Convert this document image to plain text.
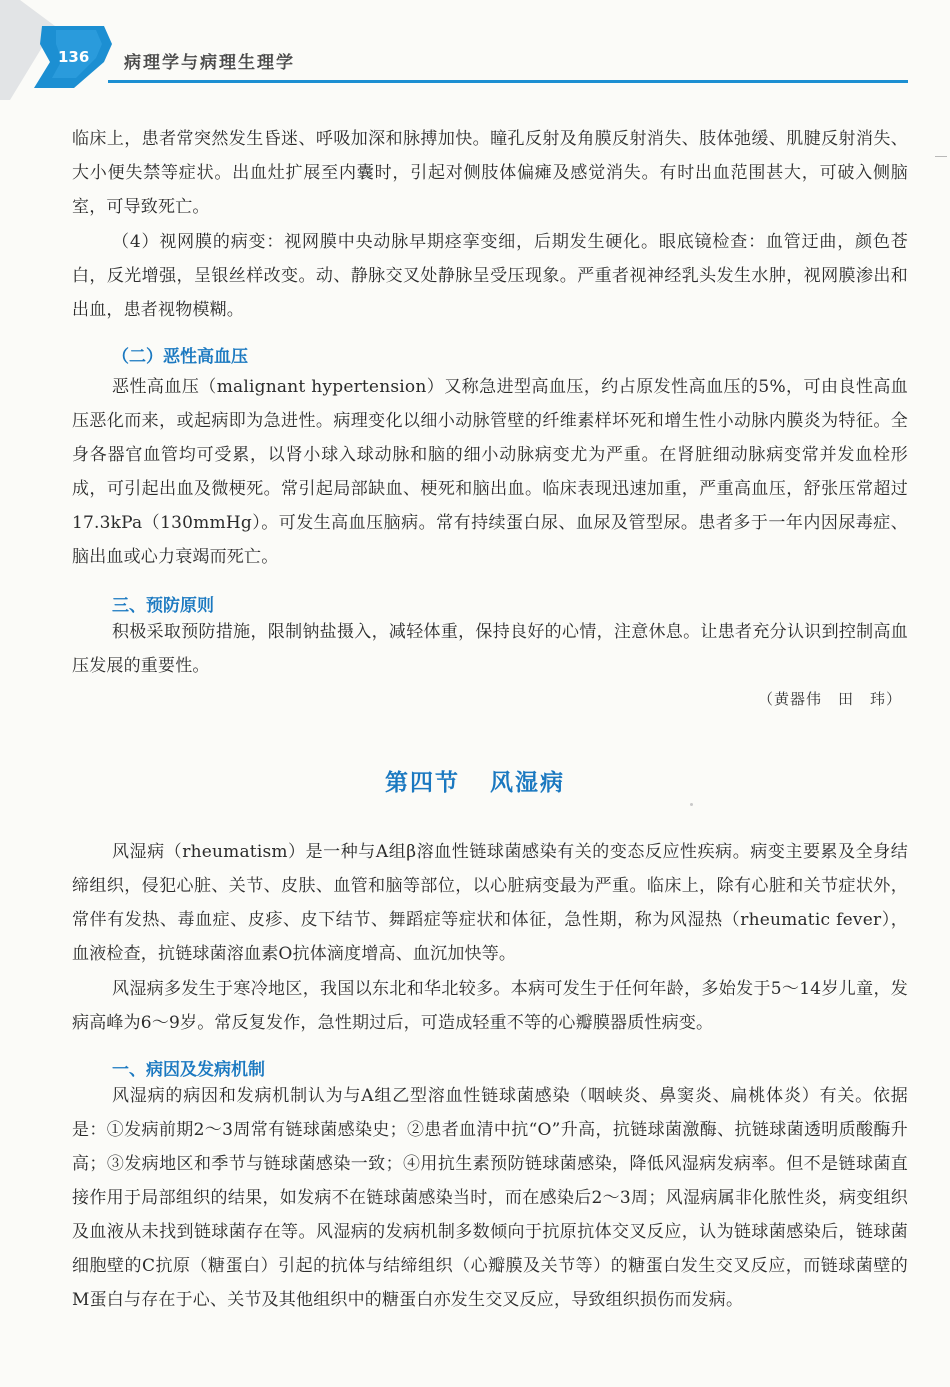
136 病理学与病理生理学

临床上，患者常突然发生昏迷、呼吸加深和脉搏加快。瞳孔反射及角膜反射消失、肢体弛缓、肌腱反射消失、大小便失禁等症状。出血灶扩展至内囊时，引起对侧肢体偏瘫及感觉消失。有时出血范围甚大，可破入侧脑室，可导致死亡。

（4）视网膜的病变：视网膜中央动脉早期痉挛变细，后期发生硬化。眼底镜检查：血管迂曲，颜色苍白，反光增强，呈银丝样改变。动、静脉交叉处静脉呈受压现象。严重者视神经乳头发生水肿，视网膜渗出和出血，患者视物模糊。

（二）恶性高血压

恶性高血压（malignant hypertension）又称急进型高血压，约占原发性高血压的5%，可由良性高血压恶化而来，或起病即为急进性。病理变化以细小动脉管壁的纤维素样坏死和增生性小动脉内膜炎为特征。全身各器官血管均可受累，以肾小球入球动脉和脑的细小动脉病变尤为严重。在肾脏细动脉病变常并发血栓形成，可引起出血及微梗死。常引起局部缺血、梗死和脑出血。临床表现迅速加重，严重高血压，舒张压常超过17.3kPa（130mmHg）。可发生高血压脑病。常有持续蛋白尿、血尿及管型尿。患者多于一年内因尿毒症、脑出血或心力衰竭而死亡。

三、预防原则

积极采取预防措施，限制钠盐摄入，减轻体重，保持良好的心情，注意休息。让患者充分认识到控制高血压发展的重要性。

（黄器伟　田　玮）
第四节 风湿病

风湿病（rheumatism）是一种与A组β溶血性链球菌感染有关的变态反应性疾病。病变主要累及全身结缔组织，侵犯心脏、关节、皮肤、血管和脑等部位，以心脏病变最为严重。临床上，除有心脏和关节症状外，常伴有发热、毒血症、皮疹、皮下结节、舞蹈症等症状和体征，急性期，称为风湿热（rheumatic fever），血液检查，抗链球菌溶血素O抗体滴度增高、血沉加快等。

风湿病多发生于寒冷地区，我国以东北和华北较多。本病可发生于任何年龄，多始发于5～14岁儿童，发病高峰为6～9岁。常反复发作，急性期过后，可造成轻重不等的心瓣膜器质性病变。

一、病因及发病机制

风湿病的病因和发病机制认为与A组乙型溶血性链球菌感染（咽峡炎、鼻窦炎、扁桃体炎）有关。依据是：①发病前期2～3周常有链球菌感染史；②患者血清中抗“O”升高，抗链球菌激酶、抗链球菌透明质酸酶升高；③发病地区和季节与链球菌感染一致；④用抗生素预防链球菌感染，降低风湿病发病率。但不是链球菌直接作用于局部组织的结果，如发病不在链球菌感染当时，而在感染后2～3周；风湿病属非化脓性炎，病变组织及血液从未找到链球菌存在等。风湿病的发病机制多数倾向于抗原抗体交叉反应，认为链球菌感染后，链球菌细胞壁的C抗原（糖蛋白）引起的抗体与结缔组织（心瓣膜及关节等）的糖蛋白发生交叉反应，而链球菌壁的M蛋白与存在于心、关节及其他组织中的糖蛋白亦发生交叉反应，导致组织损伤而发病。
